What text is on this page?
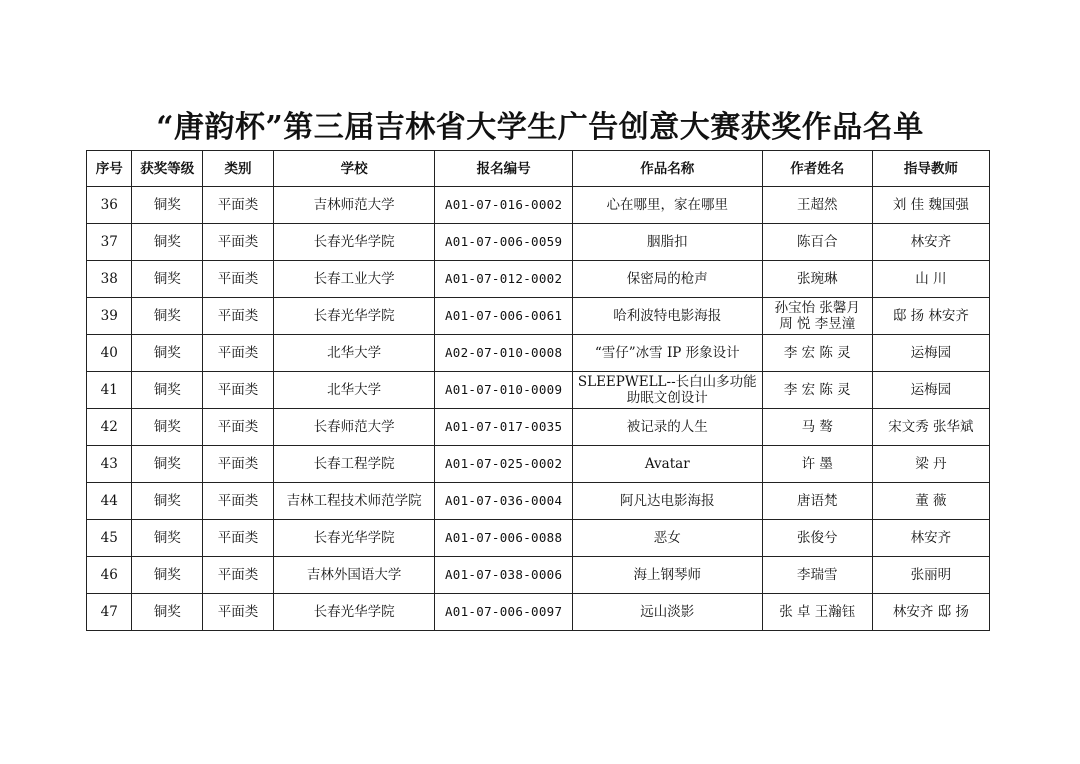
“唐韵杯”第三届吉林省大学生广告创意大赛获奖作品名单
序号	获奖等级	类别	学校	报名编号	作品名称	作者姓名	指导教师
36	铜奖	平面类	吉林师范大学	A01-07-016-0002	心在哪里，家在哪里	王超然	刘 佳 魏国强
37	铜奖	平面类	长春光华学院	A01-07-006-0059	胭脂扣	陈百合	林安齐
38	铜奖	平面类	长春工业大学	A01-07-012-0002	保密局的枪声	张琬琳	山 川
39	铜奖	平面类	长春光华学院	A01-07-006-0061	哈利波特电影海报	孙宝怡 张馨月 周 悦 李昱潼	邸 扬 林安齐
40	铜奖	平面类	北华大学	A02-07-010-0008	“雪仔”冰雪 IP 形象设计	李 宏 陈 灵	运梅园
41	铜奖	平面类	北华大学	A01-07-010-0009	SLEEPWELL--长白山多功能助眠文创设计	李 宏 陈 灵	运梅园
42	铜奖	平面类	长春师范大学	A01-07-017-0035	被记录的人生	马 骜	宋文秀 张华斌
43	铜奖	平面类	长春工程学院	A01-07-025-0002	Avatar	许 墨	梁 丹
44	铜奖	平面类	吉林工程技术师范学院	A01-07-036-0004	阿凡达电影海报	唐语梵	董 薇
45	铜奖	平面类	长春光华学院	A01-07-006-0088	恶女	张俊兮	林安齐
46	铜奖	平面类	吉林外国语大学	A01-07-038-0006	海上钢琴师	李瑞雪	张丽明
47	铜奖	平面类	长春光华学院	A01-07-006-0097	远山淡影	张 卓 王瀚钰	林安齐 邸 扬
